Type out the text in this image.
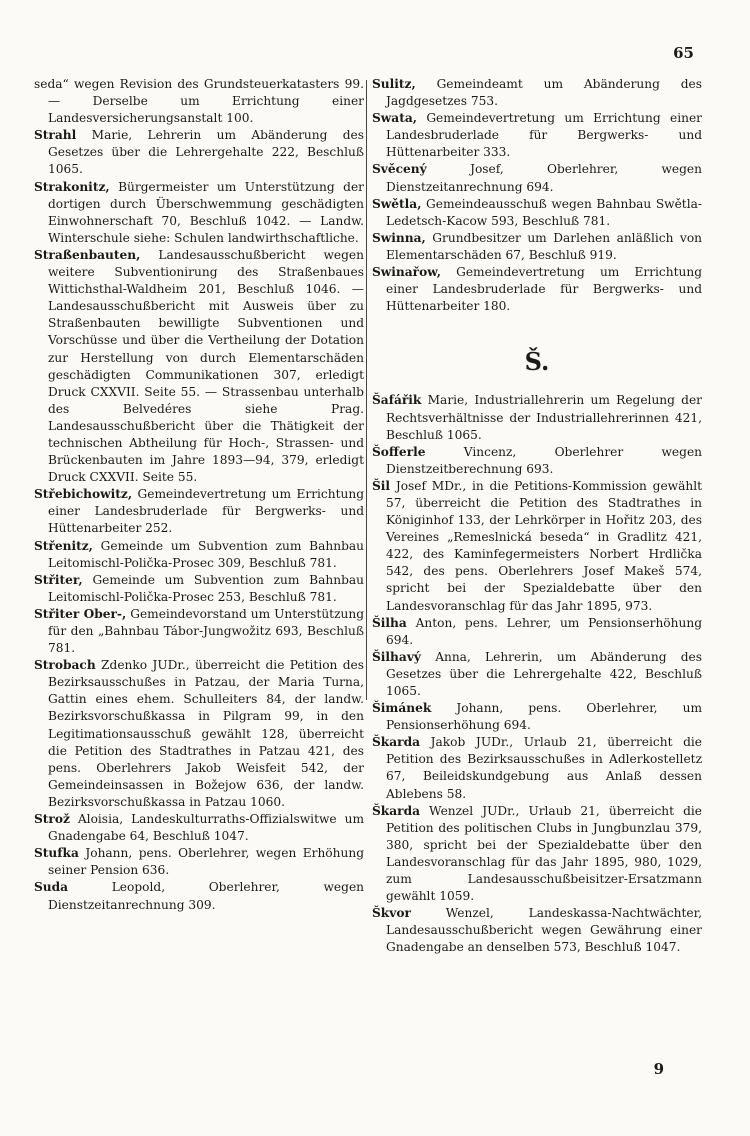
65

seda“ wegen Revision des Grundsteuerkatasters 99. — Derselbe um Errichtung einer Landesversicherungsanstalt 100.

Strahl Marie, Lehrerin um Abänderung des Gesetzes über die Lehrergehalte 222, Beschluß 1065.

Strakonitz, Bürgermeister um Unterstützung der dortigen durch Überschwemmung geschädigten Einwohnerschaft 70, Beschluß 1042. — Landw. Winterschule siehe: Schulen landwirthschaftliche.

Straßenbauten, Landesausschußbericht wegen weitere Subventionirung des Straßenbaues Wittichsthal-Waldheim 201, Beschluß 1046. — Landesausschußbericht mit Ausweis über zu Straßenbauten bewilligte Subventionen und Vorschüsse und über die Vertheilung der Dotation zur Herstellung von durch Elementarschäden geschädigten Communikationen 307, erledigt Druck CXXVII. Seite 55. — Strassenbau unterhalb des Belvedéres siehe Prag. Landesausschußbericht über die Thätigkeit der technischen Abtheilung für Hoch-, Strassen- und Brückenbauten im Jahre 1893—94, 379, erledigt Druck CXXVII. Seite 55.

Střebichowitz, Gemeindevertretung um Errichtung einer Landesbruderlade für Bergwerks- und Hüttenarbeiter 252.

Střenitz, Gemeinde um Subvention zum Bahnbau Leitomischl-Polička-Prosec 309, Beschluß 781.

Střiter, Gemeinde um Subvention zum Bahnbau Leitomischl-Polička-Prosec 253, Beschluß 781.

Střiter Ober-, Gemeindevorstand um Unterstützung für den „Bahnbau Tábor-Jungwožitz 693, Beschluß 781.

Strobach Zdenko JUDr., überreicht die Petition des Bezirksausschußes in Patzau, der Maria Turna, Gattin eines ehem. Schulleiters 84, der landw. Bezirksvorschußkassa in Pilgram 99, in den Legitimationsausschuß gewählt 128, überreicht die Petition des Stadtrathes in Patzau 421, des pens. Oberlehrers Jakob Weisfeit 542, der Gemeindeinsassen in Božejow 636, der landw. Bezirksvorschußkassa in Patzau 1060.

Strož Aloisia, Landeskulturraths-Offizialswitwe um Gnadengabe 64, Beschluß 1047.

Stufka Johann, pens. Oberlehrer, wegen Erhöhung seiner Pension 636.

Suda	Leopold, Oberlehrer, wegen Dienstzeitanrechnung 309.

Sulitz, Gemeindeamt um Abänderung des Jagdgesetzes 753.

Swata, Gemeindevertretung um Errichtung einer Landesbruderlade für Bergwerks- und Hüttenarbeiter 333.

Svěcený	Josef, Oberlehrer, wegen Dienstzeitanrechnung 694.

Swětla, Gemeindeausschuß wegen Bahnbau Swětla-Ledetsch-Kacow 593, Beschluß 781.

Swinna, Grundbesitzer um Darlehen anläßlich von Elementarschäden 67, Beschluß 919.

Swinařow, Gemeindevertretung um Errichtung einer Landesbruderlade für Bergwerks- und Hüttenarbeiter 180.

Š.

Šafářik Marie, Industriallehrerin um Regelung der Rechtsverhältnisse der Industriallehrerinnen 421, Beschluß 1065.

Šofferle	Vincenz, Oberlehrer wegen Dienstzeitberechnung 693.

Šil Josef MDr., in die Petitions-Kommission gewählt 57, überreicht die Petition des Stadtrathes in Königinhof 133, der Lehrkörper in Hořitz 203, des Vereines „Remeslnická beseda“ in Gradlitz 421, 422, des Kaminfegermeisters Norbert Hrdlička 542, des pens. Oberlehrers Josef Makeš 574, spricht bei der Spezialdebatte über den Landesvoranschlag für das Jahr 1895, 973.

Šilha Anton, pens. Lehrer, um Pensionserhöhung 694.

Šilhavý Anna, Lehrerin, um Abänderung des Gesetzes über die Lehrergehalte 422, Beschluß 1065.

Šimánek Johann, pens. Oberlehrer, um Pensionserhöhung 694.

Škarda Jakob JUDr., Urlaub 21, überreicht die Petition des Bezirksausschußes in Adlerkostelletz 67, Beileidskundgebung aus Anlaß dessen Ablebens 58.

Škarda Wenzel JUDr., Urlaub 21, überreicht die Petition des politischen Clubs in Jungbunzlau 379, 380, spricht bei der Spezialdebatte über den Landesvoranschlag für das Jahr 1895, 980, 1029, zum Landesausschußbeisitzer-Ersatzmann gewählt 1059.

Škvor	Wenzel, Landeskassa-Nachtwächter, Landesausschußbericht wegen Gewährung einer Gnadengabe an denselben 573, Beschluß 1047.

9
